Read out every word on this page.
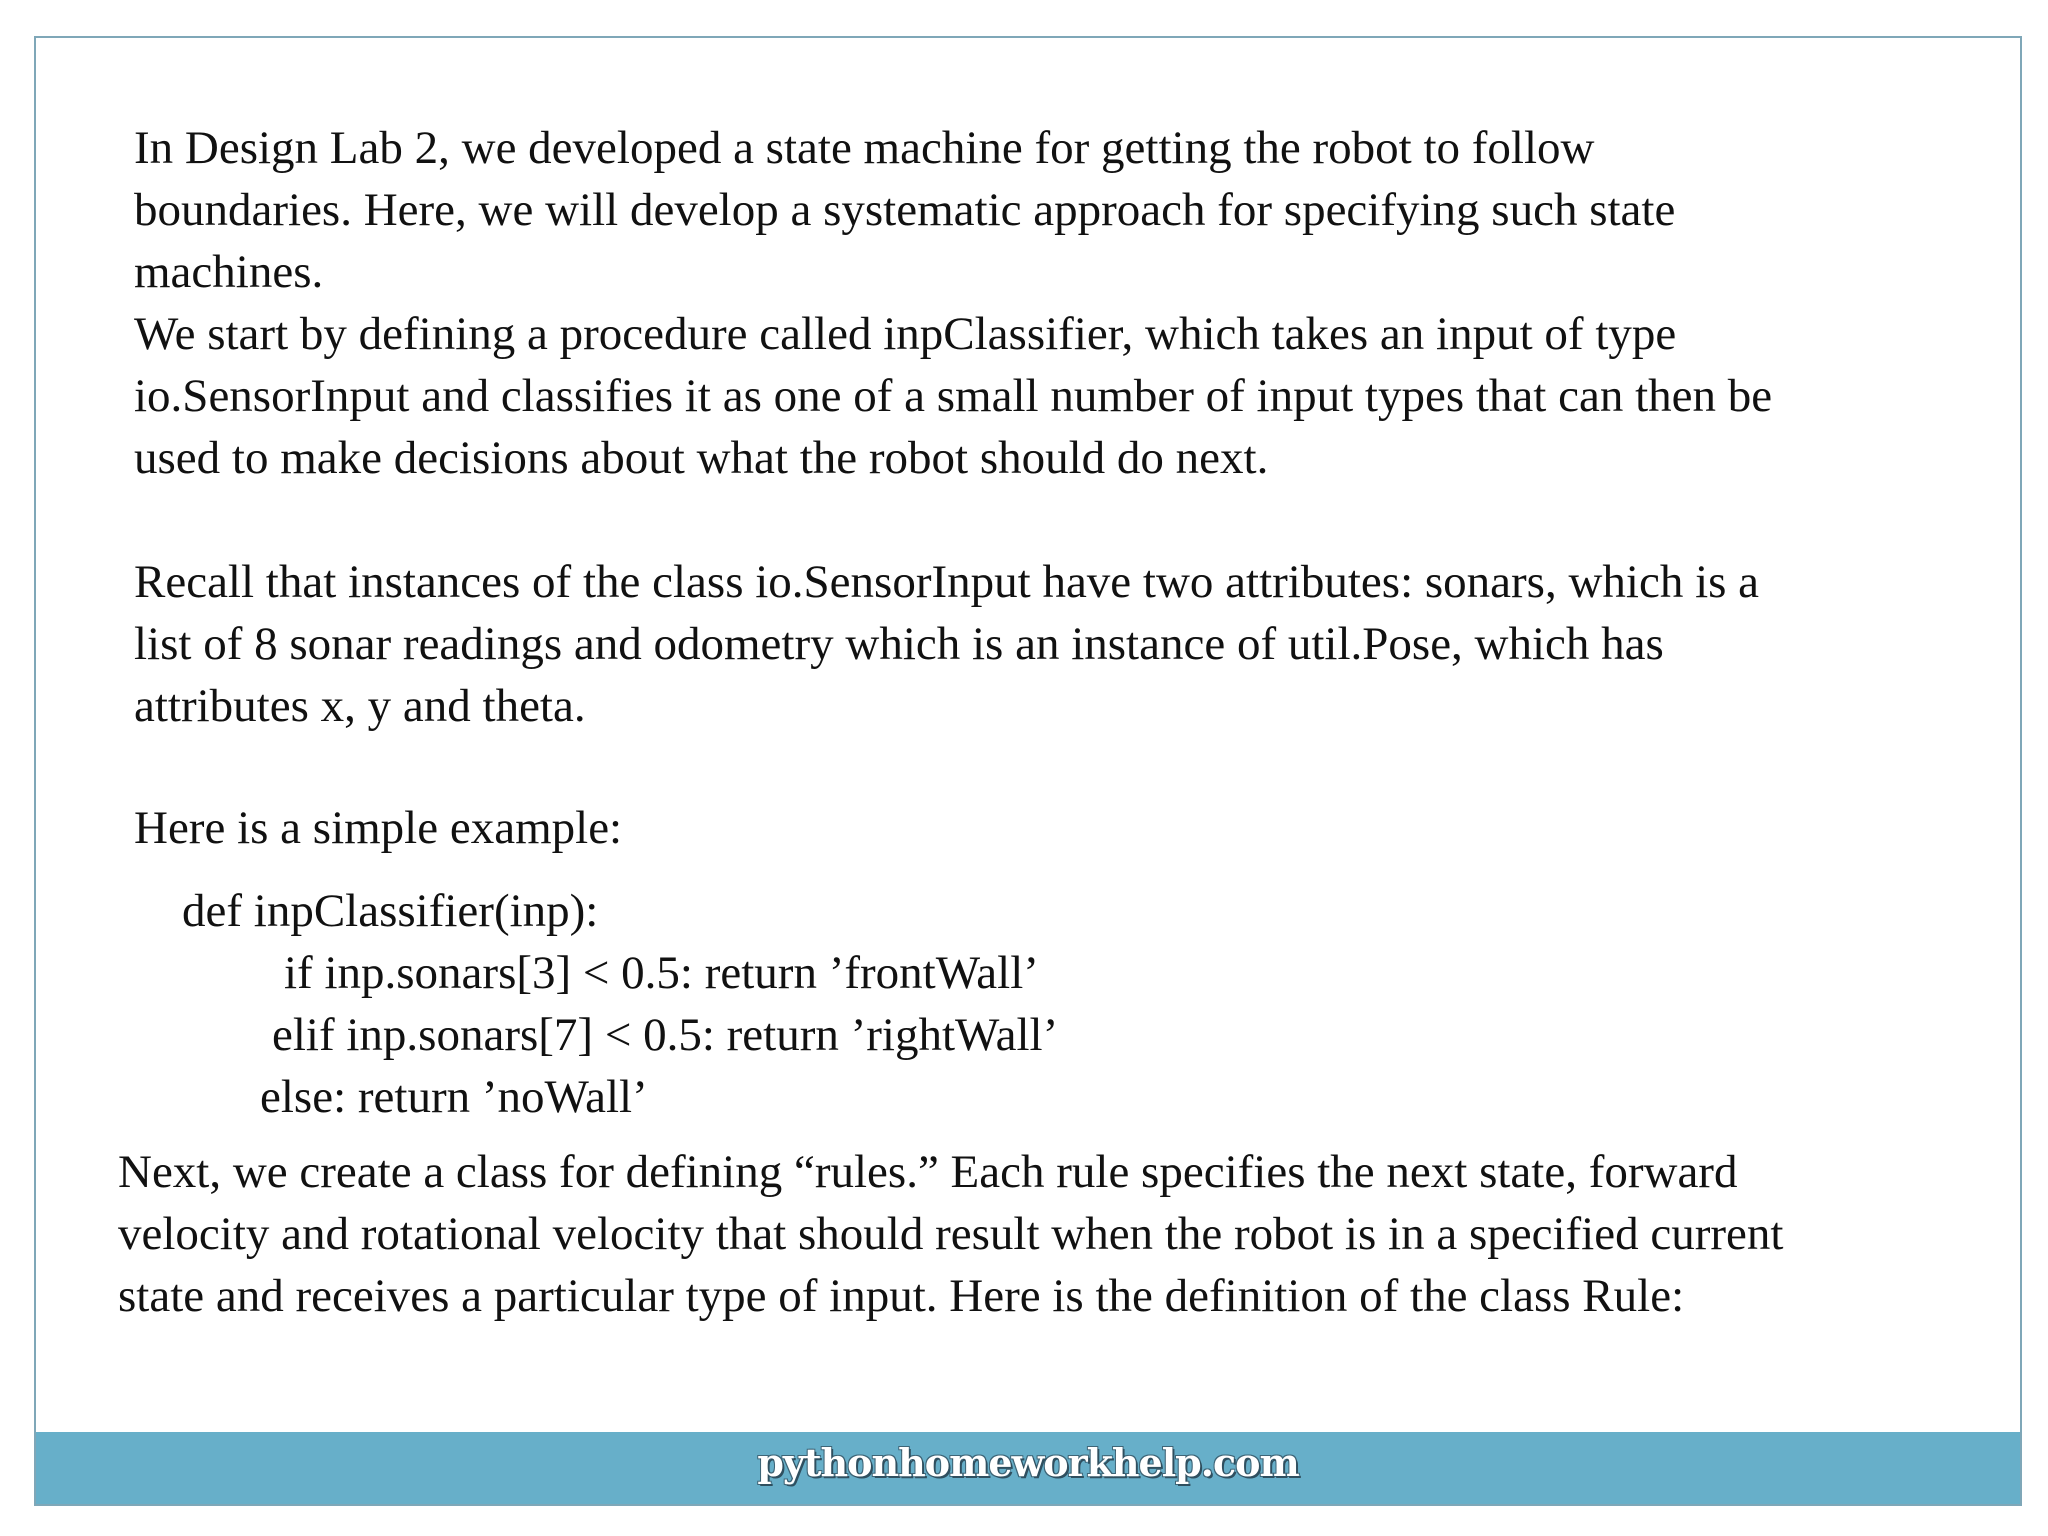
In Design Lab 2, we developed a state machine for getting the robot to follow
boundaries. Here, we will develop a systematic approach for specifying such state
machines.
We start by defining a procedure called inpClassifier, which takes an input of type
io.SensorInput and classifies it as one of a small number of input types that can then be
used to make decisions about what the robot should do next.

Recall that instances of the class io.SensorInput have two attributes: sonars, which is a
list of 8 sonar readings and odometry which is an instance of util.Pose, which has
attributes x, y and theta.

Here is a simple example:

def inpClassifier(inp):
if inp.sonars[3] < 0.5: return ’frontWall’
elif inp.sonars[7] < 0.5: return ’rightWall’
else: return ’noWall’

Next, we create a class for defining “rules.” Each rule specifies the next state, forward
velocity and rotational velocity that should result when the robot is in a specified current
state and receives a particular type of input. Here is the definition of the class Rule:

pythonhomeworkhelp.com
